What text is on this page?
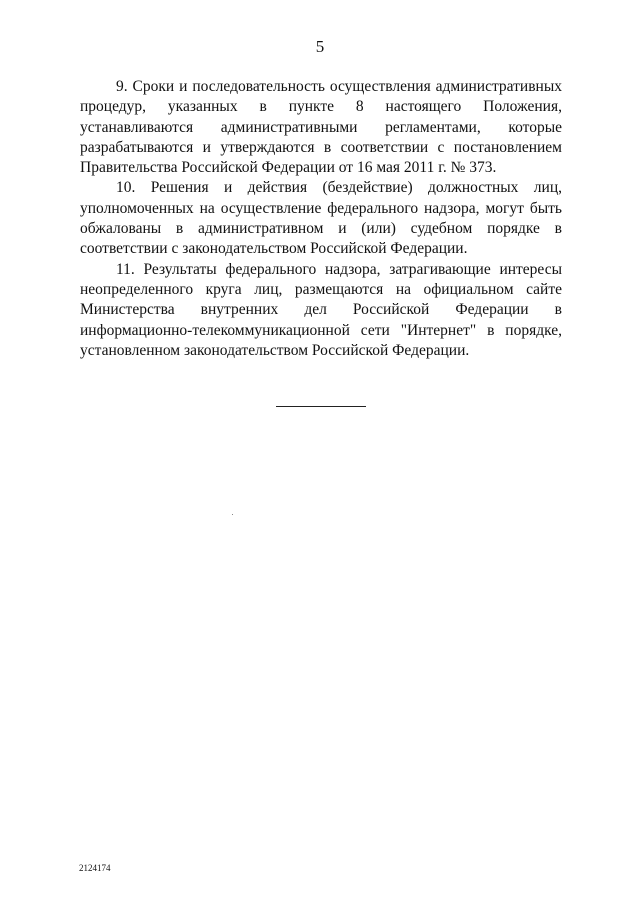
5

9. Сроки и последовательность осуществления административных процедур, указанных в пункте 8 настоящего Положения, устанавливаются административными регламентами, которые разрабатываются и утверждаются в соответствии с постановлением Правительства Российской Федерации от 16 мая 2011 г. № 373.

10. Решения и действия (бездействие) должностных лиц, уполномоченных на осуществление федерального надзора, могут быть обжалованы в административном и (или) судебном порядке в соответствии с законодательством Российской Федерации.

11. Результаты федерального надзора, затрагивающие интересы неопределенного круга лиц, размещаются на официальном сайте Министерства внутренних дел Российской Федерации в информационно-телекоммуникационной сети "Интернет" в порядке, установленном законодательством Российской Федерации.

2124174
